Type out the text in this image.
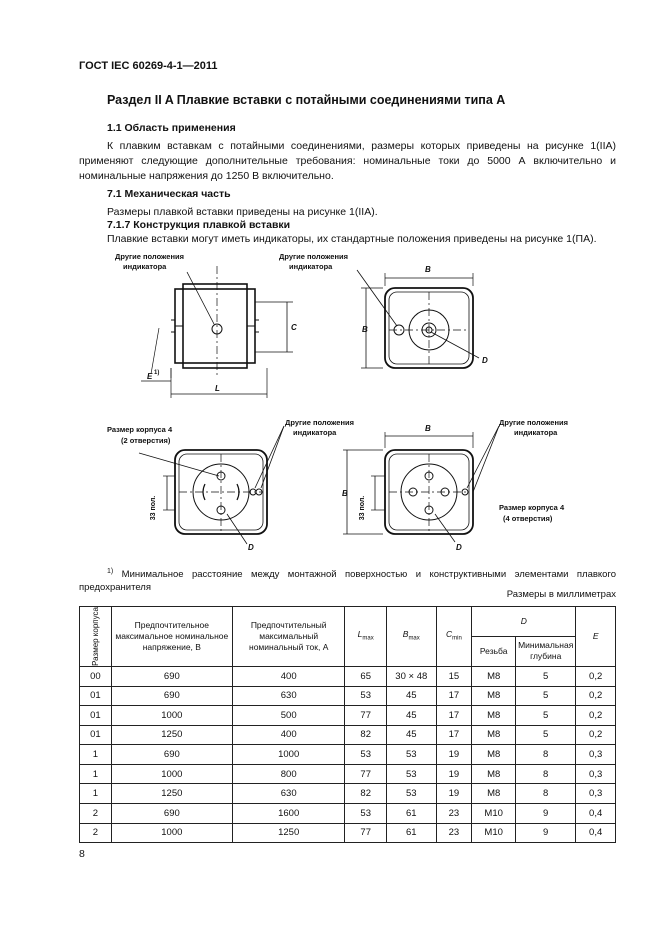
ГОСТ IEC 60269-4-1—2011
Раздел II A Плавкие вставки с потайными соединениями типа A
1.1 Область применения
К плавким вставкам с потайными соединениями, размеры которых приведены на рисунке 1(IIA) применяют следующие дополнительные требования: номинальные токи до 5000 А включительно и номинальные напряжения до 1250 В включительно.
7.1 Механическая часть
Размеры плавкой вставки приведены на рисунке 1(IIA).
7.1.7 Конструкция плавкой вставки
Плавкие вставки могут иметь индикаторы, их стандартные положения приведены на рисунке 1(ПА).
Другие положения
индикатора
Другие положения
индикатора
Другие положения
индикатора
Другие положения
индикатора
Размер корпуса 4
(2 отверстия)
Размер корпуса 4
(4 отверстия)
C
L
E 1)
B
B
B
B
D
D	D
33 пол.	33 пол.
$^{1)}$ Минимальное расстояние между монтажной поверхностью и конструктивными элементами плавкого предохранителя
Размеры в миллиметрах
Размер корпуса	Предпочтительное максимальное номинальное напряжение, В	Предпочтительный максимальный номинальный ток, А	$L_{max}$	$B_{max}$	$C_{min}$	D		E
						Резьба	Минимальная глубина	
00	690	400	65	30 × 48	15	M8	5	0,2
01	690	630	53	45	17	M8	5	0,2
01	1000	500	77	45	17	M8	5	0,2
01	1250	400	82	45	17	M8	5	0,2
1	690	1000	53	53	19	M8	8	0,3
1	1000	800	77	53	19	M8	8	0,3
1	1250	630	82	53	19	M8	8	0,3
2	690	1600	53	61	23	M10	9	0,4
2	1000	1250	77	61	23	M10	9	0,4
8
